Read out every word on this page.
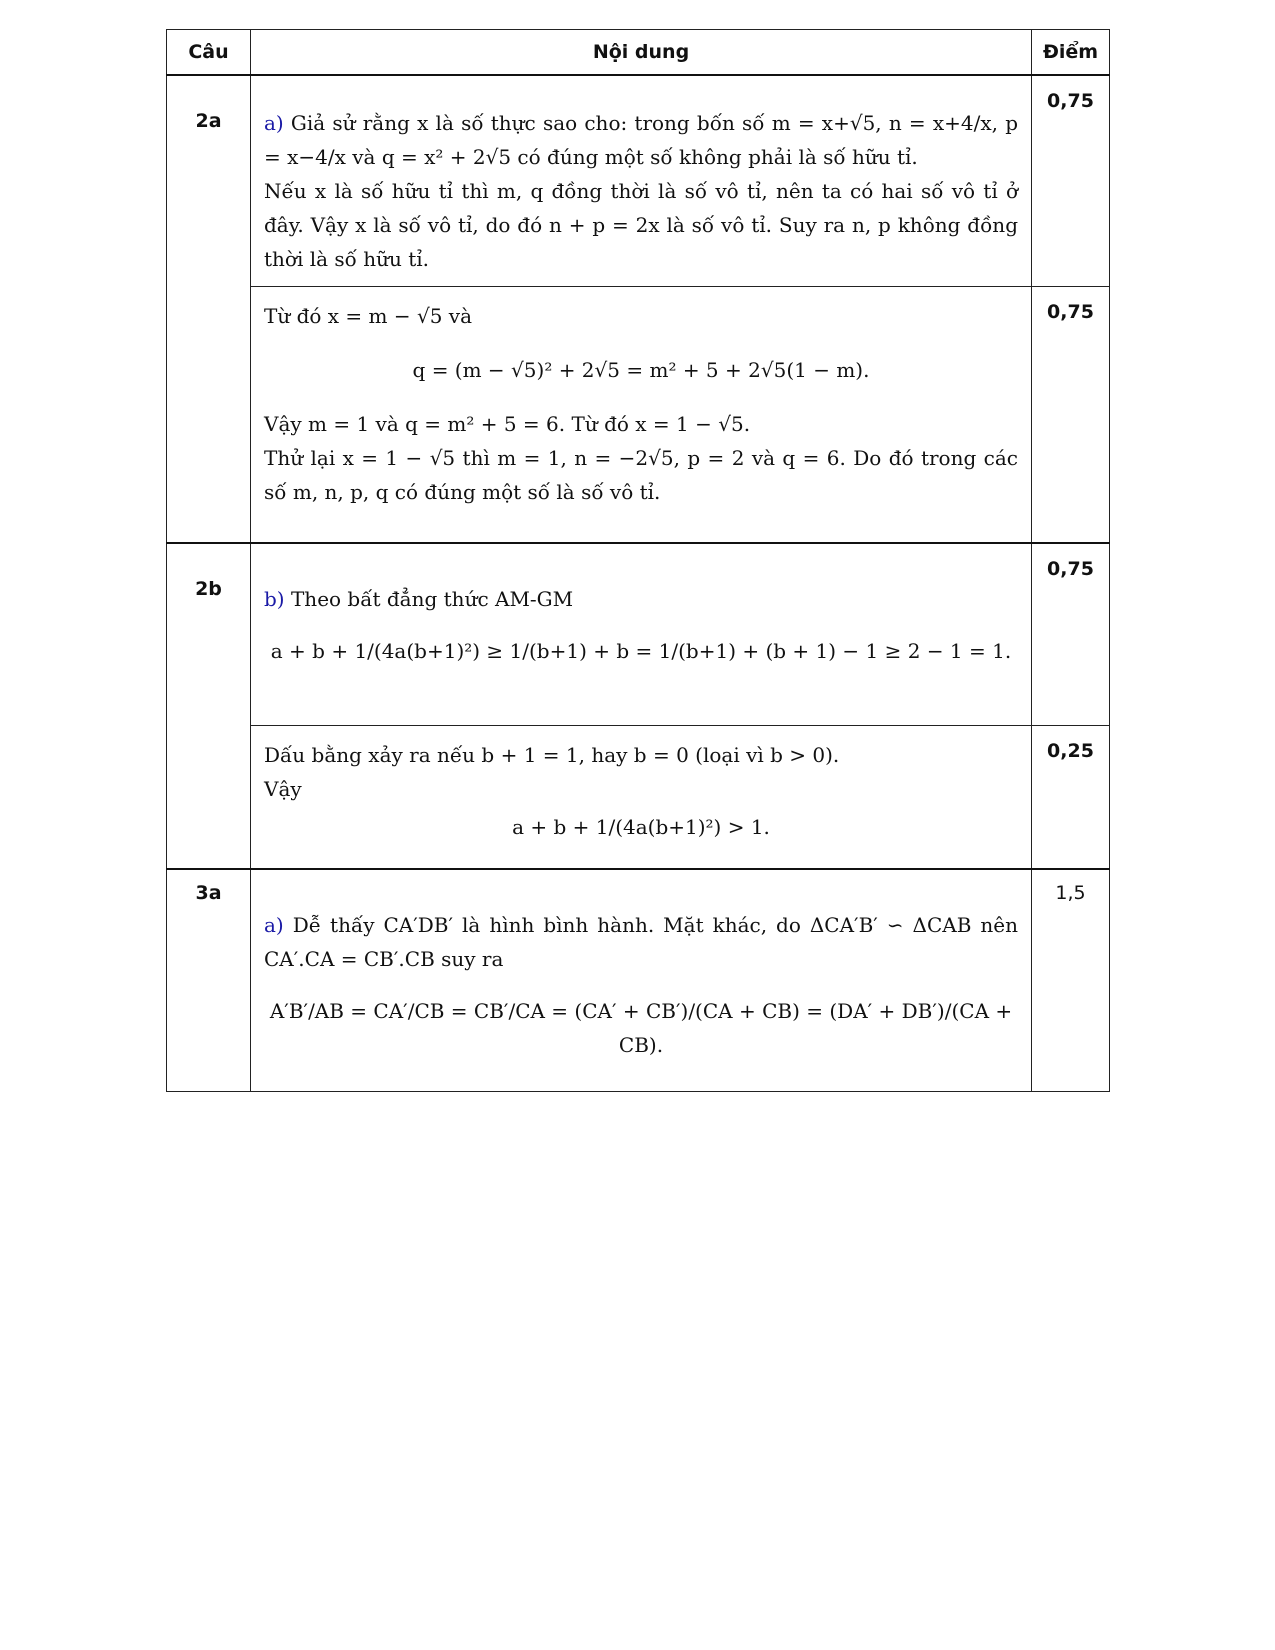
Câu	Nội dung	Điểm

2a	a) Giả sử rằng x là số thực sao cho: trong bốn số m = x+√5, n = x+4/x, p = x−4/x và q = x² + 2√5 có đúng một số không phải là số hữu tỉ.

Nếu x là số hữu tỉ thì m, q đồng thời là số vô tỉ, nên ta có hai số vô tỉ ở đây. Vậy x là số vô tỉ, do đó n + p = 2x là số vô tỉ. Suy ra n, p không đồng thời là số hữu tỉ.	0,75

	Từ đó x = m − √5 và

q = (m − √5)² + 2√5 = m² + 5 + 2√5(1 − m).

Vậy m = 1 và q = m² + 5 = 6. Từ đó x = 1 − √5.

Thử lại x = 1 − √5 thì m = 1, n = −2√5, p = 2 và q = 6. Do đó trong các số m, n, p, q có đúng một số là số vô tỉ.	0,75

2b	b) Theo bất đẳng thức AM-GM

a + b + 1/(4a(b+1)²) ≥ 1/(b+1) + b = 1/(b+1) + (b + 1) − 1 ≥ 2 − 1 = 1.	0,75

	Dấu bằng xảy ra nếu b + 1 = 1, hay b = 0 (loại vì b > 0).

Vậy

a + b + 1/(4a(b+1)²) > 1.	0,25

3a	a) Dễ thấy CA′DB′ là hình bình hành. Mặt khác, do ΔCA′B′ ∽ ΔCAB nên CA′.CA = CB′.CB suy ra

A′B′/AB = CA′/CB = CB′/CA = (CA′ + CB′)/(CA + CB) = (DA′ + DB′)/(CA + CB).	1,5
